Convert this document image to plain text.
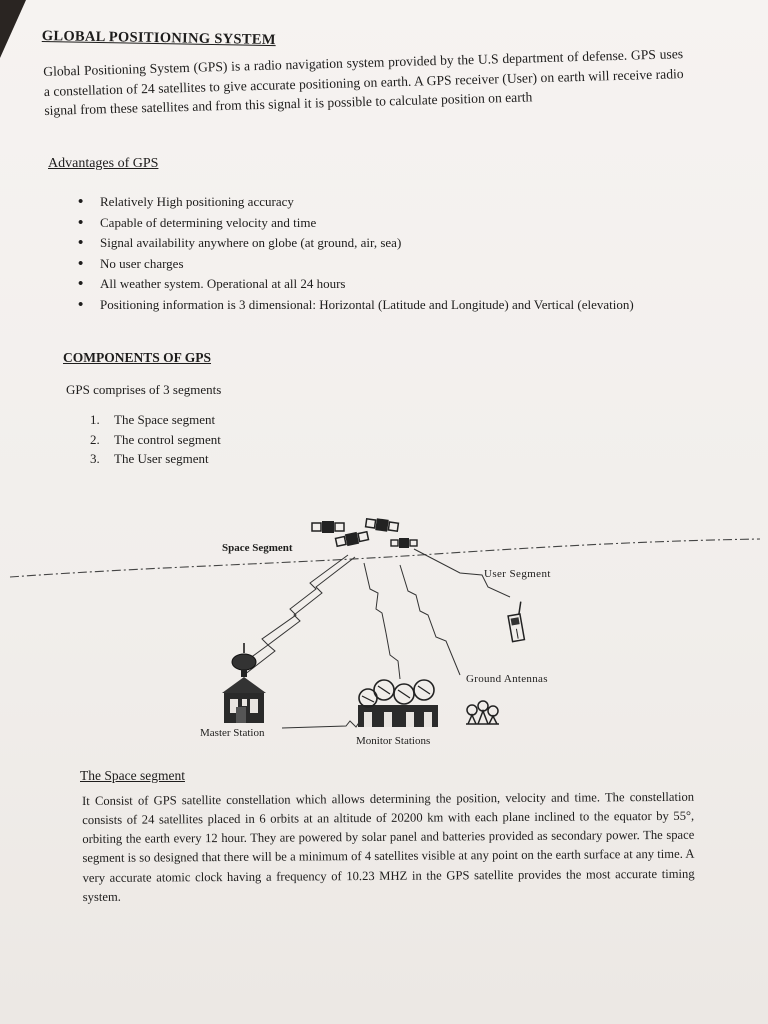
GLOBAL POSITIONING SYSTEM

Global Positioning System (GPS) is a radio navigation system provided by the U.S department of defense. GPS uses a constellation of 24 satellites to give accurate positioning on earth. A GPS receiver (User) on earth will receive radio signal from these satellites and from this signal it is possible to calculate position on earth

Advantages of GPS
• Relatively High positioning accuracy
• Capable of determining velocity and time
• Signal availability anywhere on globe (at ground, air, sea)
• No user charges
• All weather system. Operational at all 24 hours
• Positioning information is 3 dimensional: Horizontal (Latitude and Longitude) and Vertical (elevation)
COMPONENTS OF GPS

GPS comprises of 3 segments

1. The Space segment
2. The control segment
3. The User segment

Space Segment

User Segment

Ground Antennas

Master Station

Monitor Stations

The Space segment

It Consist of GPS satellite constellation which allows determining the position, velocity and time. The constellation consists of 24 satellites placed in 6 orbits at an altitude of 20200 km with each plane inclined to the equator by 55°, orbiting the earth every 12 hour. They are powered by solar panel and batteries provided as secondary power. The space segment is so designed that there will be a minimum of 4 satellites visible at any point on the earth surface at any time. A very accurate atomic clock having a frequency of 10.23 MHZ in the GPS satellite provides the most accurate timing system.
